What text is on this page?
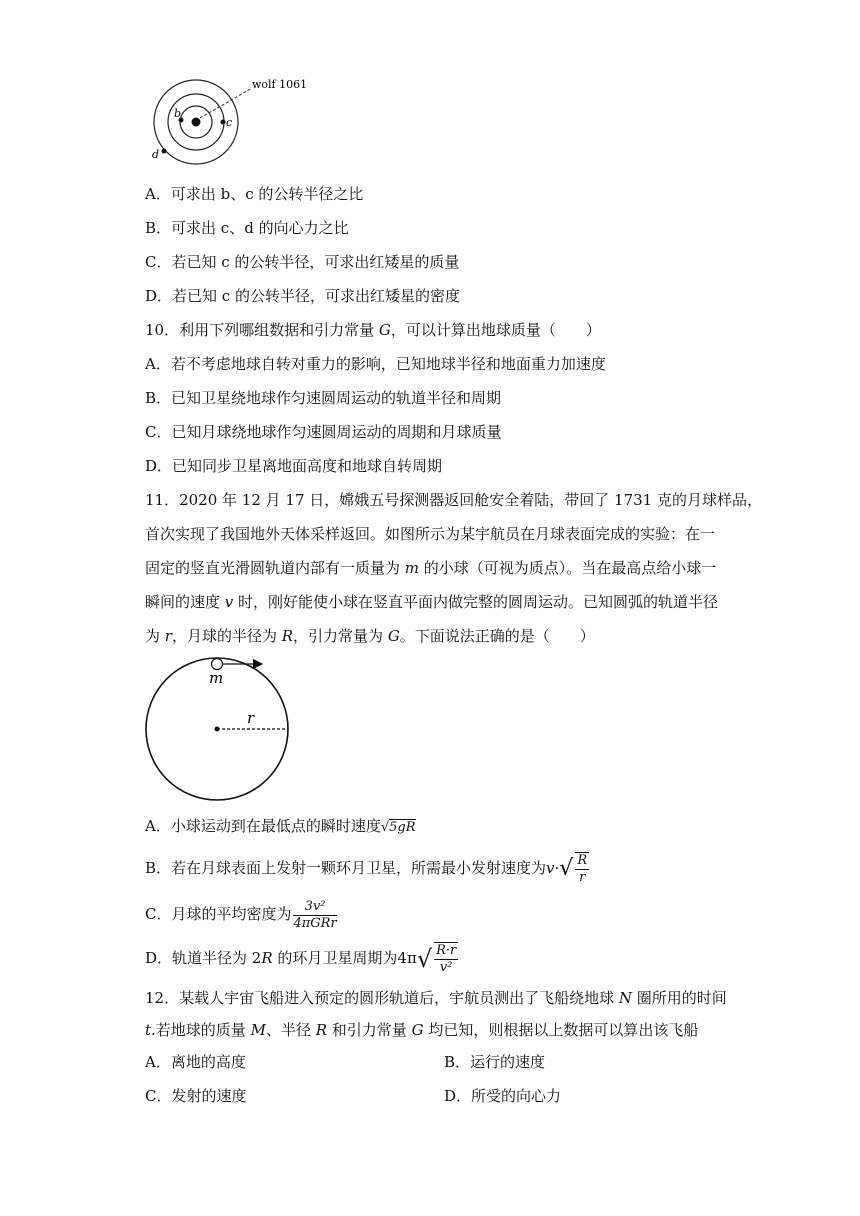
wolf 1061
b
c
d
A．可求出 b、c 的公转半径之比
B．可求出 c、d 的向心力之比
C．若已知 c 的公转半径，可求出红矮星的质量
D．若已知 c 的公转半径，可求出红矮星的密度
10．利用下列哪组数据和引力常量 G，可以计算出地球质量（　　）
A．若不考虑地球自转对重力的影响，已知地球半径和地面重力加速度
B．已知卫星绕地球作匀速圆周运动的轨道半径和周期
C．已知月球绕地球作匀速圆周运动的周期和月球质量
D．已知同步卫星离地面高度和地球自转周期
11．2020 年 12 月 17 日，嫦娥五号探测器返回舱安全着陆，带回了 1731 克的月球样品，
首次实现了我国地外天体采样返回。如图所示为某宇航员在月球表面完成的实验：在一
固定的竖直光滑圆轨道内部有一质量为 m 的小球（可视为质点）。当在最高点给小球一
瞬间的速度 v 时，刚好能使小球在竖直平面内做完整的圆周运动。已知圆弧的轨道半径
为 r，月球的半径为 R，引力常量为 G。下面说法正确的是（　　）
m
r
A．小球运动到在最低点的瞬时速度√5gR
B．若在月球表面上发射一颗环月卫星，所需最小发射速度为$v\cdot√ \frac{R}{r}$
C．月球的平均密度为 $\frac{\text{3v²}}{\text{4πGRr}}$
D．轨道半径为 2R 的环月卫星周期为$4\pi√ \frac{R\cdot r}{\text{v²}}$
12．某载人宇宙飞船进入预定的圆形轨道后，宇航员测出了飞船绕地球 N 圈所用的时间
t.若地球的质量 M、半径 R 和引力常量 G 均已知，则根据以上数据可以算出该飞船
A．离地的高度	B．运行的速度
C．发射的速度	D．所受的向心力
